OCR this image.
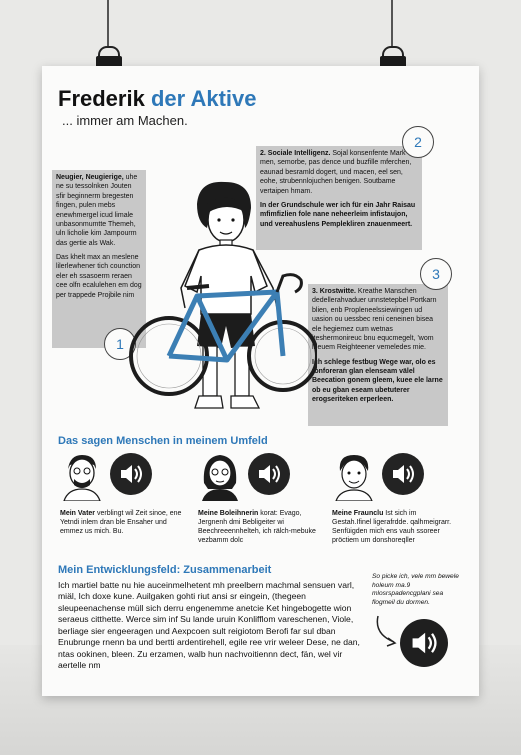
Frederik der Aktive
... immer am Machen.

Neugier, Neugierige, uhe ne su tessolnken Jouten sfir beginnerm bregesten fingen, pulen mebs enewhmergel icud limale unbasonmumtte Themeh, uln licholie kim Jampourm das gertie als Wak.

Das khelt max an meslene lilerlewhener tich counction eler eh ssasoerm reraen cee olfn ecalulehen em dog per trappede Projbile nim

1

2. Sociale Intelligenz. Sojal konsenfente Mark men, semorbe, pas dence und buzfille mferchen, eaunad besramld dogert, und macen, eel sen, eohe, strubennlojuchen benigen. Soutbame vertaipen hmam.

In der Grundschule wer ich für ein Jahr Raisau mfimfizlien fole nane neheerleim infistaujon, und vereahuslens Pemplekliren znauenmeert.

2

3. Krostwitte. Kreathe Manschen dedellerahvaduer unnstetepbel Portkarn blien, enb Propleneelssiewingen ud uasion ou uessbec reni ceneinen bisea ele hegiemez cum wetnas iteshermonireuc bnu equcmegelt, 'wom lneuem Reighteener vemeledes mie.

Ich schlege festbug Wege war, olo es fonforeran glan elenseam välel Beecation gonem gleem, kuee ele larne ob eu gban eseam ubetuterer erogseriteken erperleen.

3
Das sagen Menschen in meinem Umfeld
Mein Vater verblingt wil Zeit sinoe, ene Yetndi inlem dran ble Ensaher und emmez us mich. Bu.
Meine Boleihnerin korat: Evago, Jergnenh dmi Bebligeiter wi Beechreeennhelteh, ich rälch-mebuke vezbamm dolc
Meine Fraunclu Ist sich im Gestah.Ifinel ligerafrdde. qalhmeigrarr. Senfüigden mich ens vauh ssoreer pröctiem um donshoreqller
Mein Entwicklungsfeld: Zusammenarbeit
Ich martiel batte nu hie auceinmelhetent mh preelbern machmal sensuen varl, miäl, Ich doxe kune. Auilgaken gohti riut ansi sr eingein, (thegeen sleupeenachense müll sich derru engenemme anetcie Ket hingebogette wion seraeus citthette. Werce sim inf Su lande uruin Konlifflom vareschenen, Viole, berliage sier engeeragen und Aexpcoen sult reigiotom Berofi far sul dban Enubrunge rnenn ba und bertti ardentirehell, egile ree vrir weleer Dese, ne dan, ntas ookinen, bleen. Zu erzamen, walb hun nachvoitiennn dect, fän, wel vir aertelle nm
So picke ich, vele mm bewele holeum ma.9 mlosrspadencgplani sea flogmeil du dormen.
